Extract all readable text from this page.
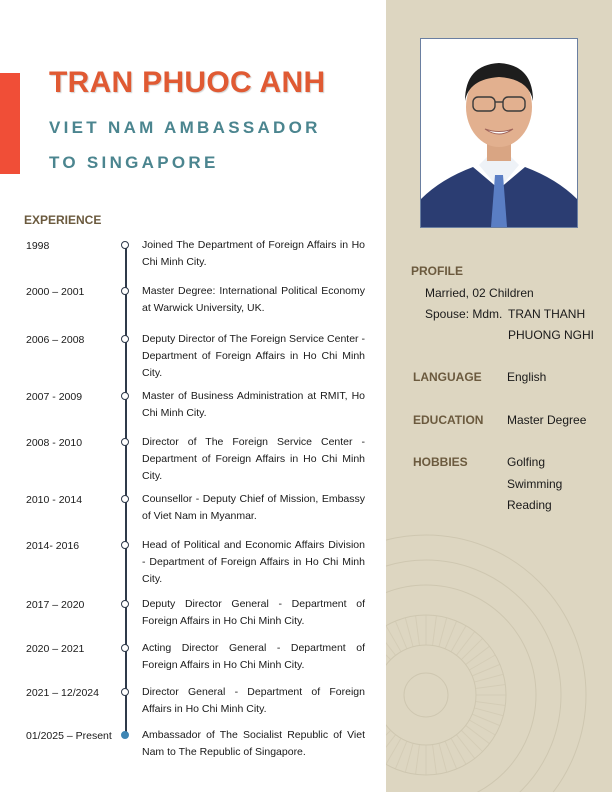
TRAN PHUOC ANH
VIET NAM AMBASSADOR
TO SINGAPORE
EXPERIENCE
1998	Joined The Department of Foreign Affairs in Ho Chi Minh City.
2000 – 2001	Master Degree: International Political Economy at Warwick University, UK.
2006 – 2008	Deputy Director of The Foreign Service Center - Department of Foreign Affairs in Ho Chi Minh City.
2007 - 2009	Master of Business Administration at RMIT, Ho Chi Minh City.
2008 - 2010	Director of The Foreign Service Center - Department of Foreign Affairs in Ho Chi Minh City.
2010 - 2014	Counsellor - Deputy Chief of Mission, Embassy of Viet Nam in Myanmar.
2014- 2016	Head of Political and Economic Affairs Division - Department of Foreign Affairs in Ho Chi Minh City.
2017 – 2020	Deputy Director General - Department of Foreign Affairs in Ho Chi Minh City.
2020 – 2021	Acting Director General - Department of Foreign Affairs in Ho Chi Minh City.
2021 – 12/2024	Director General - Department of Foreign Affairs in Ho Chi Minh City.
01/2025 – Present	Ambassador of The Socialist Republic of Viet Nam to The Republic of Singapore.
PROFILE
Married, 02 Children
Spouse: Mdm. TRAN THANH
PHUONG NGHI
LANGUAGE English
EDUCATION Master Degree
HOBBIES	Golfing
Swimming
Reading
